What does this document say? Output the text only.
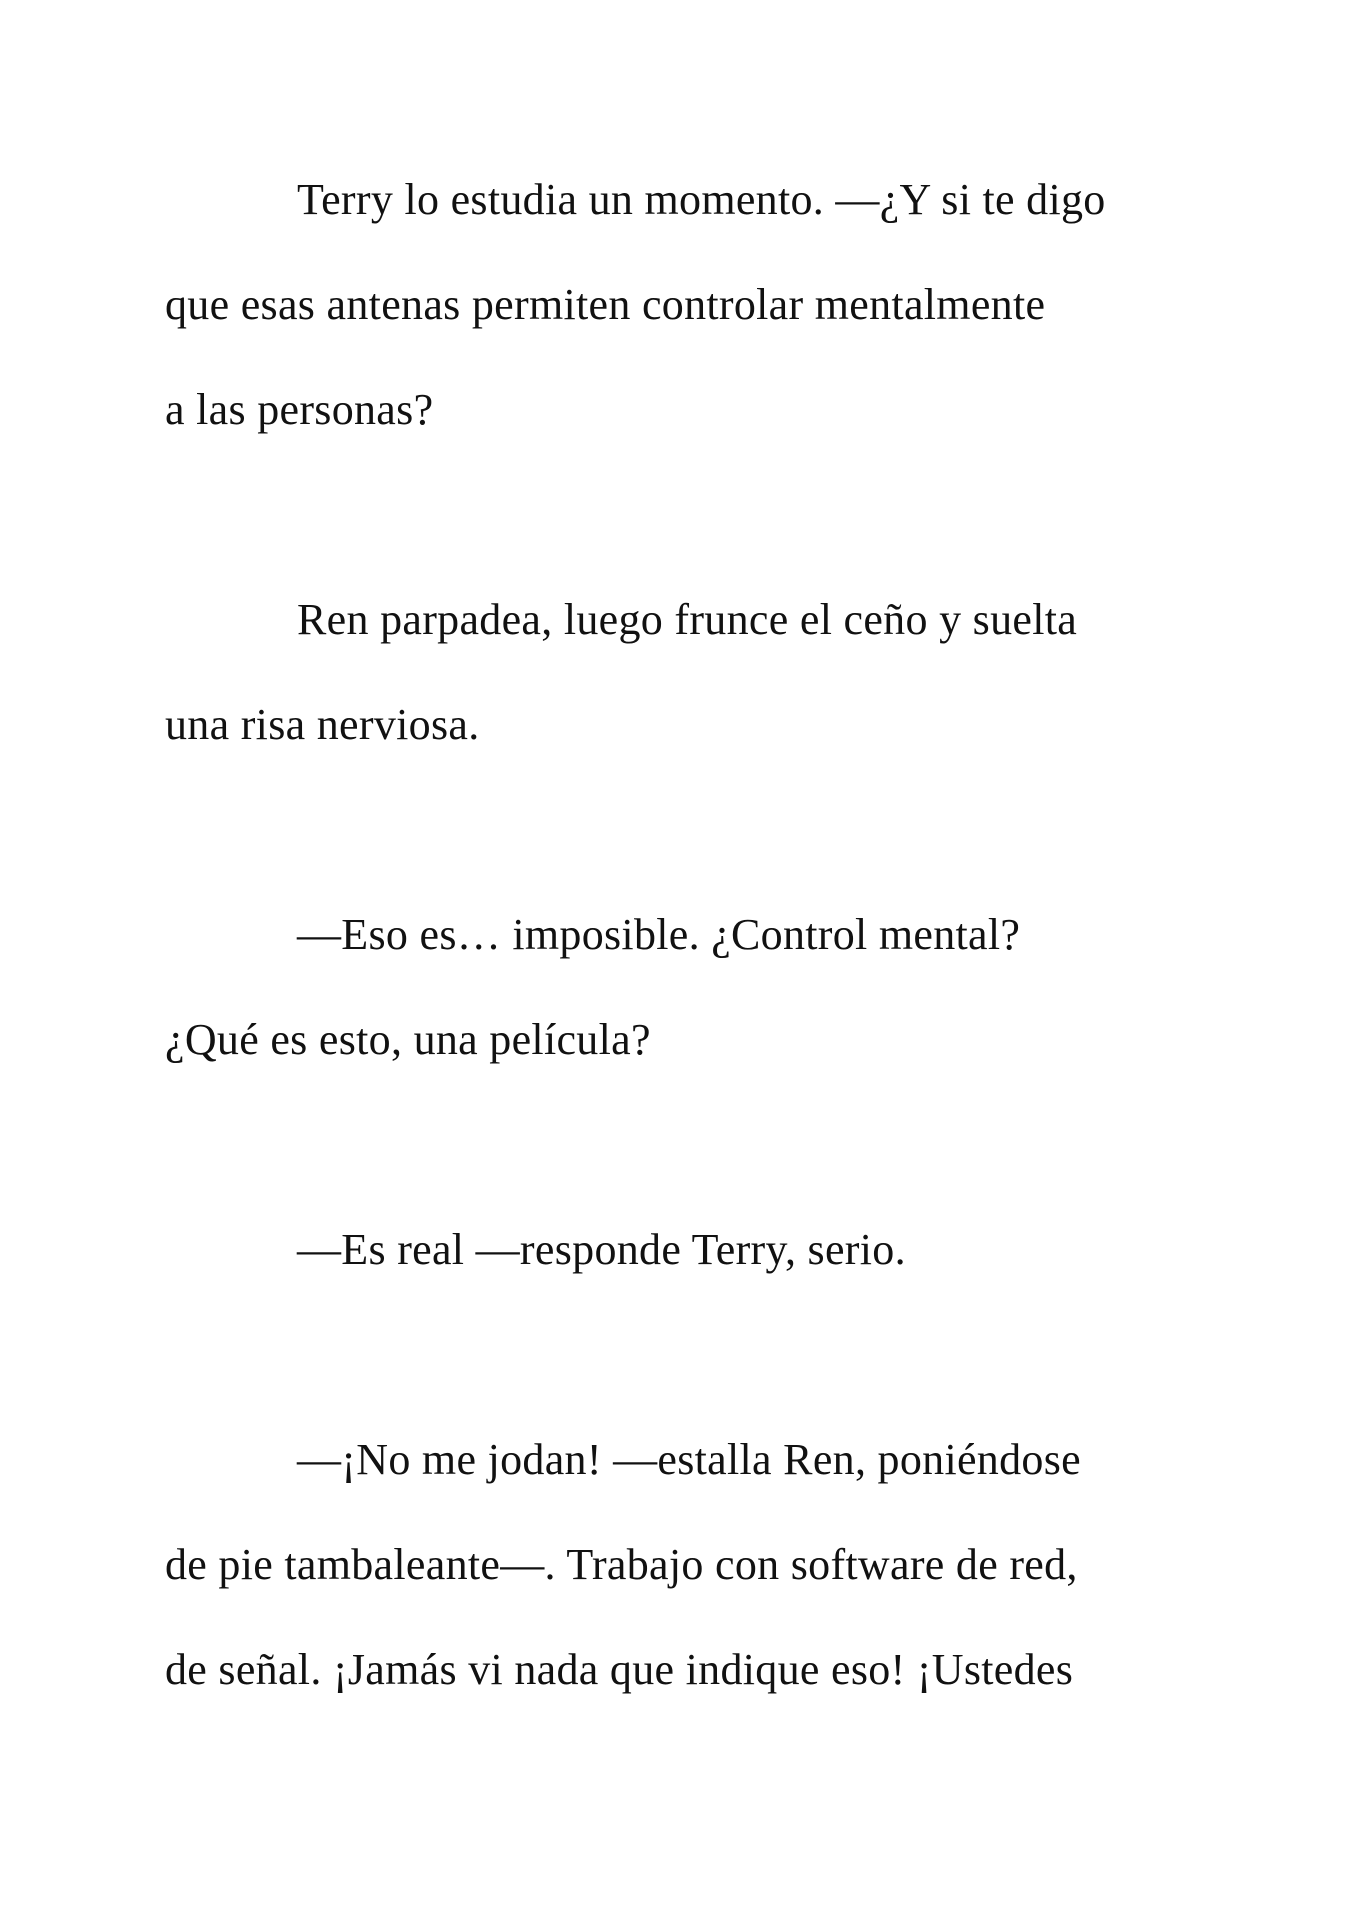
Terry lo estudia un momento. —¿Y si te digo
que esas antenas permiten controlar mentalmente
a las personas?
Ren parpadea, luego frunce el ceño y suelta
una risa nerviosa.
—Eso es… imposible. ¿Control mental?
¿Qué es esto, una película?
—Es real —responde Terry, serio.
—¡No me jodan! —estalla Ren, poniéndose
de pie tambaleante—. Trabajo con software de red,
de señal. ¡Jamás vi nada que indique eso! ¡Ustedes
